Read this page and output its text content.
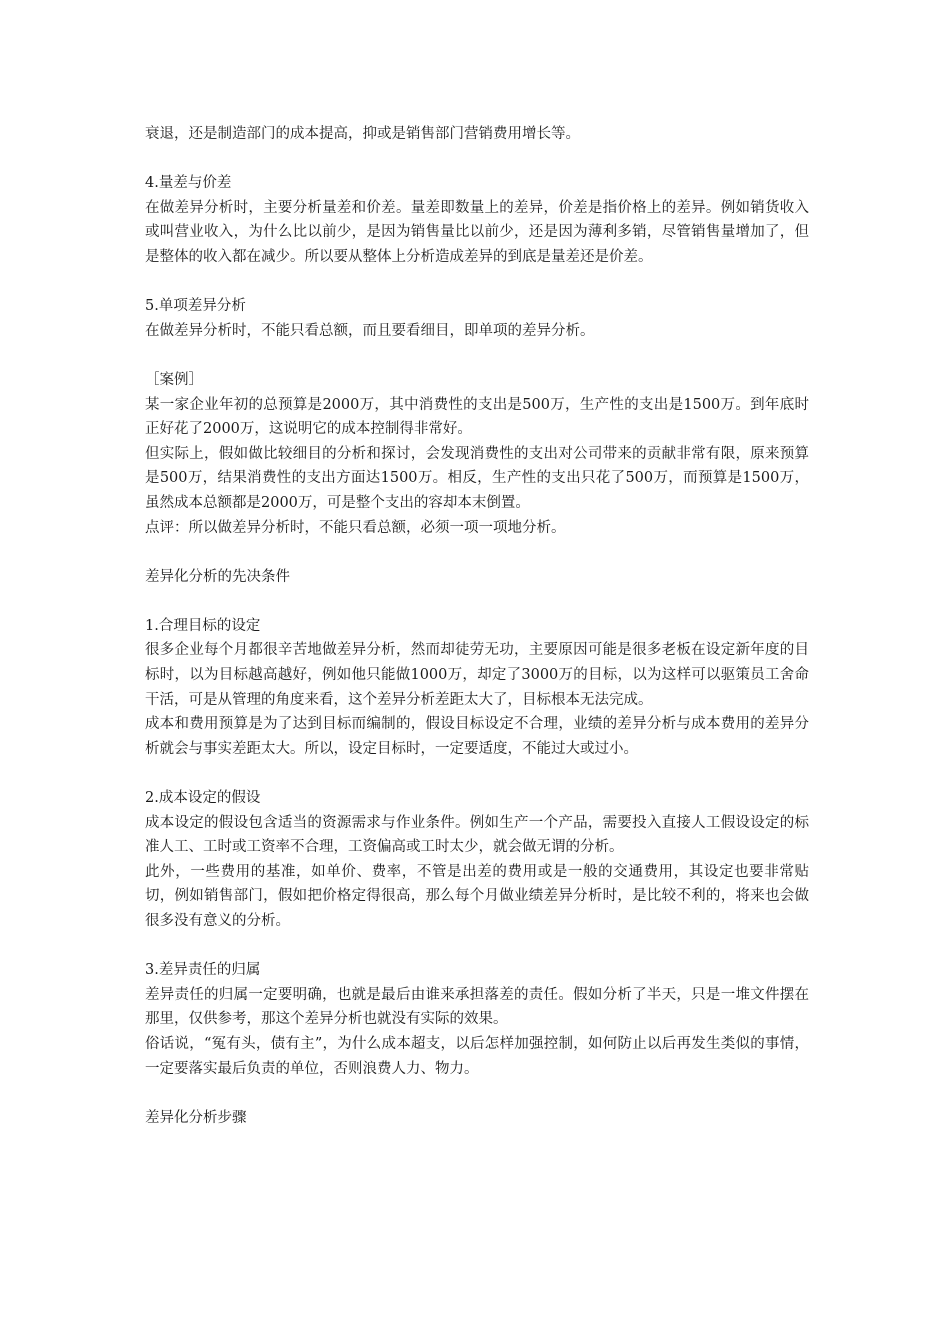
衰退，还是制造部门的成本提高，抑或是销售部门营销费用增长等。

4.量差与价差

在做差异分析时，主要分析量差和价差。量差即数量上的差异，价差是指价格上的差异。例如销货收入或叫营业收入，为什么比以前少，是因为销售量比以前少，还是因为薄利多销，尽管销售量增加了，但是整体的收入都在减少。所以要从整体上分析造成差异的到底是量差还是价差。

5.单项差异分析

在做差异分析时，不能只看总额，而且要看细目，即单项的差异分析。

［案例］

某一家企业年初的总预算是2000万，其中消费性的支出是500万，生产性的支出是1500万。到年底时正好花了2000万，这说明它的成本控制得非常好。

但实际上，假如做比较细目的分析和探讨，会发现消费性的支出对公司带来的贡献非常有限，原来预算是500万，结果消费性的支出方面达1500万。相反，生产性的支出只花了500万，而预算是1500万，虽然成本总额都是2000万，可是整个支出的容却本末倒置。

点评：所以做差异分析时，不能只看总额，必须一项一项地分析。

差异化分析的先决条件

1.合理目标的设定

很多企业每个月都很辛苦地做差异分析，然而却徒劳无功，主要原因可能是很多老板在设定新年度的目标时，以为目标越高越好，例如他只能做1000万，却定了3000万的目标，以为这样可以驱策员工舍命干活，可是从管理的角度来看，这个差异分析差距太大了，目标根本无法完成。

成本和费用预算是为了达到目标而编制的，假设目标设定不合理，业绩的差异分析与成本费用的差异分析就会与事实差距太大。所以，设定目标时，一定要适度，不能过大或过小。

2.成本设定的假设

成本设定的假设包含适当的资源需求与作业条件。例如生产一个产品，需要投入直接人工假设设定的标准人工、工时或工资率不合理，工资偏高或工时太少，就会做无谓的分析。

此外，一些费用的基准，如单价、费率，不管是出差的费用或是一般的交通费用，其设定也要非常贴切，例如销售部门，假如把价格定得很高，那么每个月做业绩差异分析时，是比较不利的，将来也会做很多没有意义的分析。

3.差异责任的归属

差异责任的归属一定要明确，也就是最后由谁来承担落差的责任。假如分析了半天，只是一堆文件摆在那里，仅供参考，那这个差异分析也就没有实际的效果。

俗话说，“冤有头，债有主”，为什么成本超支，以后怎样加强控制，如何防止以后再发生类似的事情，一定要落实最后负责的单位，否则浪费人力、物力。

差异化分析步骤
